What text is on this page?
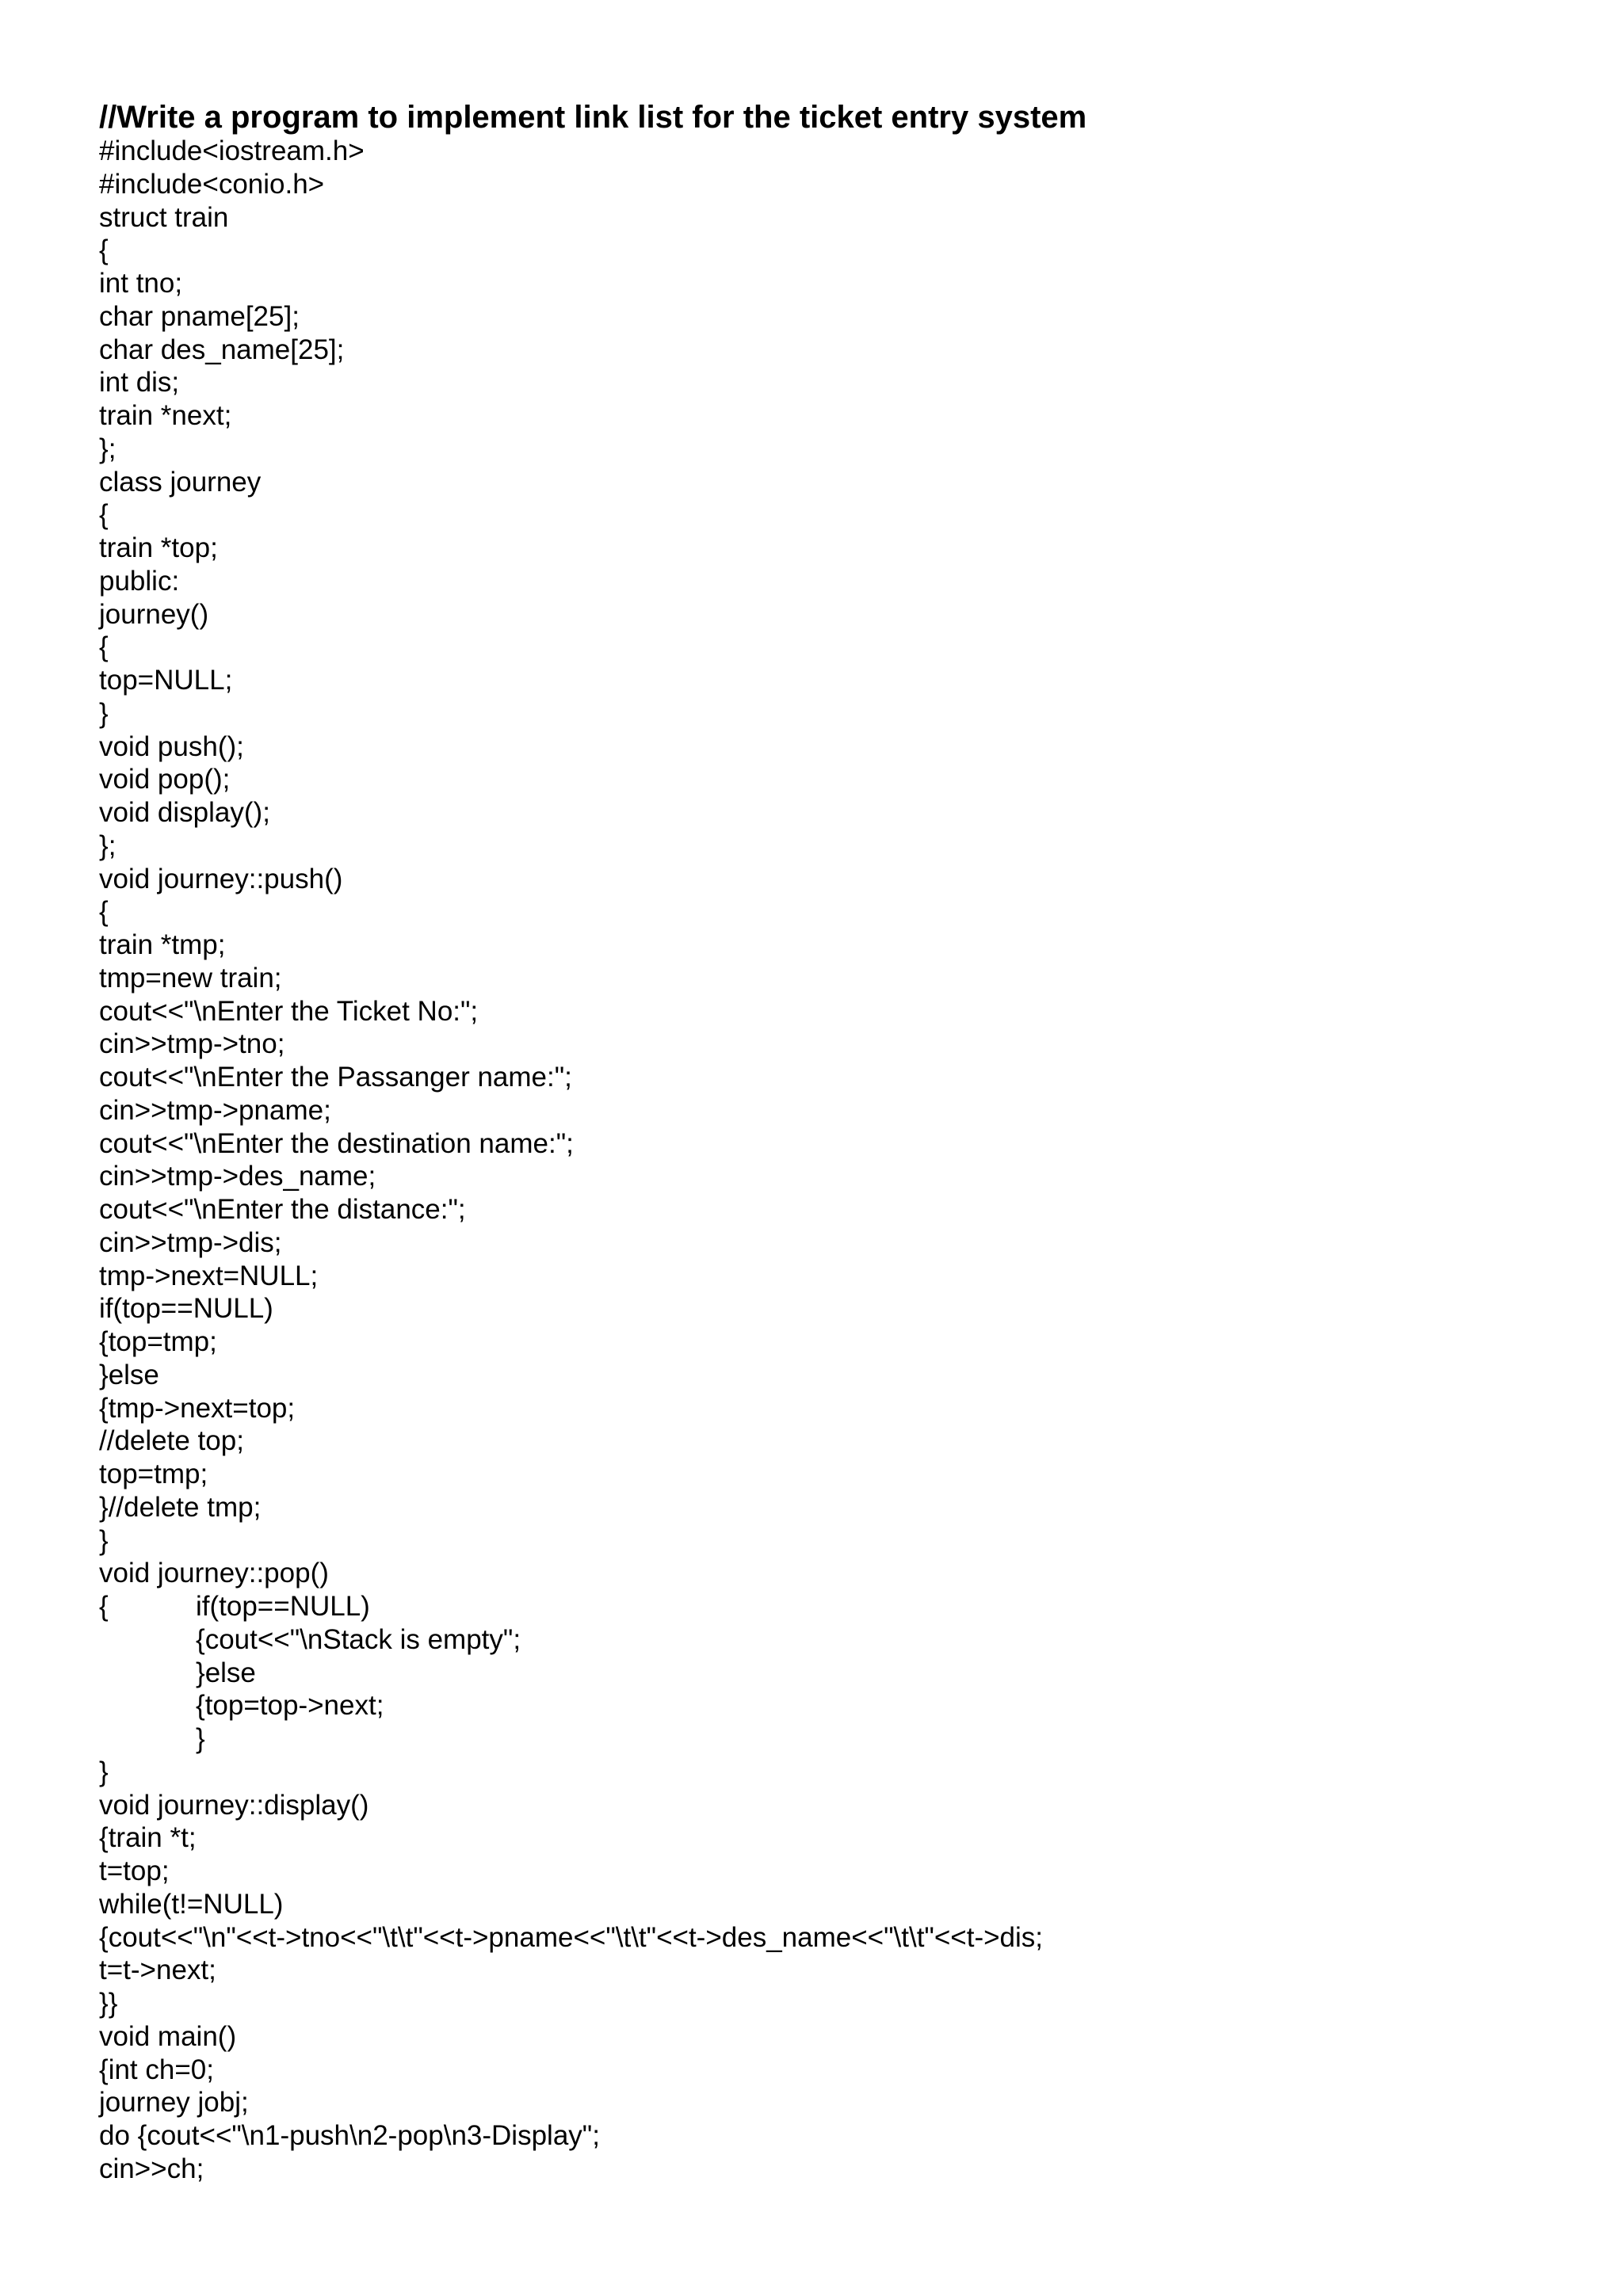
//Write a program to implement link list for the ticket entry system
#include<iostream.h>
#include<conio.h>
struct train
{
int tno;
char pname[25];
char des_name[25];
int dis;
train *next;
};
class journey
{
train *top;
public:
journey()
{
top=NULL;
}
void push();
void pop();
void display();
};
void journey::push()
{
train *tmp;
tmp=new train;
cout<<"\nEnter the Ticket No:";
cin>>tmp->tno;
cout<<"\nEnter the Passanger name:";
cin>>tmp->pname;
cout<<"\nEnter the destination name:";
cin>>tmp->des_name;
cout<<"\nEnter the distance:";
cin>>tmp->dis;
tmp->next=NULL;
if(top==NULL)
{top=tmp;
}else
{tmp->next=top;
//delete top;
top=tmp;
}//delete tmp;
}
void journey::pop()
{	if(top==NULL)
{cout<<"\nStack is empty";
}else
{top=top->next;
}
}
void journey::display()
{train *t;
t=top;
while(t!=NULL)
{cout<<"\n"<<t->tno<<"\t\t"<<t->pname<<"\t\t"<<t->des_name<<"\t\t"<<t->dis;
t=t->next;
}}
void main()
{int ch=0;
journey jobj;
do {cout<<"\n1-push\n2-pop\n3-Display";
cin>>ch;
